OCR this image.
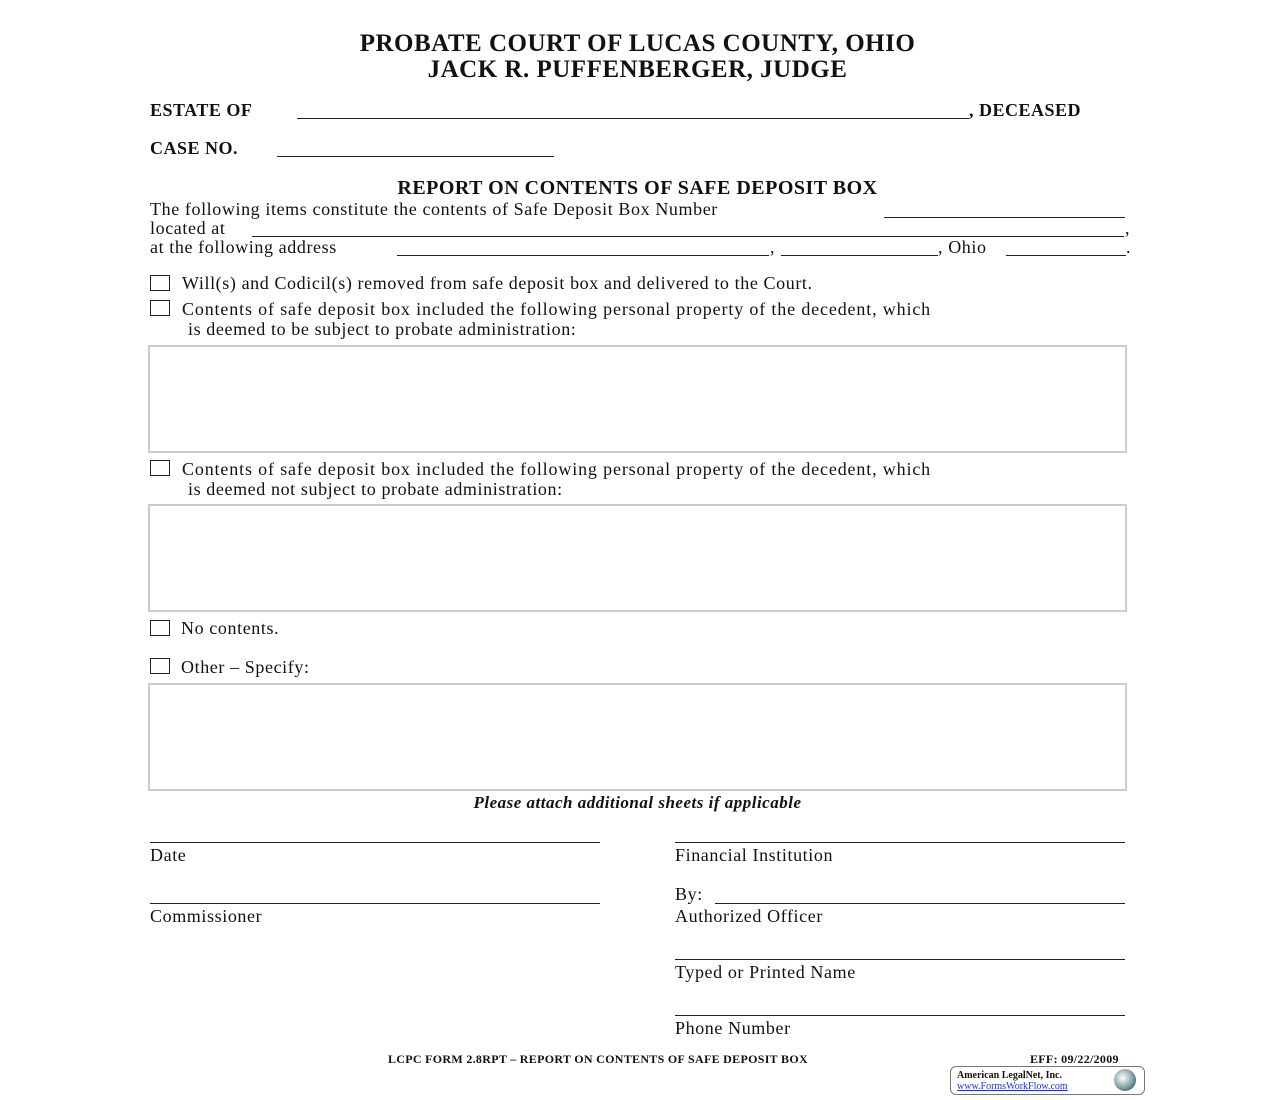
PROBATE COURT OF LUCAS COUNTY, OHIO
JACK R. PUFFENBERGER, JUDGE
ESTATE OF	, DECEASED
CASE NO.
REPORT ON CONTENTS OF SAFE DEPOSIT BOX
The following items constitute the contents of Safe Deposit Box Number
located at	,
at the following address	,	, Ohio	.
Will(s) and Codicil(s) removed from safe deposit box and delivered to the Court.
Contents of safe deposit box included the following personal property of the decedent, which
is deemed to be subject to probate administration:
Contents of safe deposit box included the following personal property of the decedent, which
is deemed not subject to probate administration:
No contents.
Other – Specify:
Please attach additional sheets if applicable
Date
Commissioner
Financial Institution
By:
Authorized Officer
Typed or Printed Name
Phone Number
LCPC FORM 2.8RPT – REPORT ON CONTENTS OF SAFE DEPOSIT BOX	EFF: 09/22/2009
American LegalNet, Inc.
www.FormsWorkFlow.com
